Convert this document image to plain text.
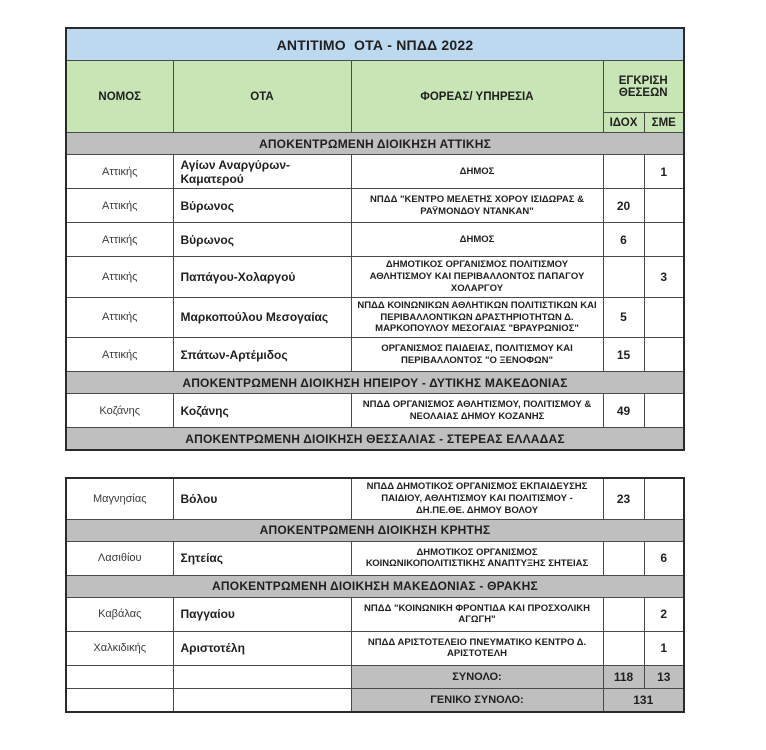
ΑΝΤΙΤΙΜΟ  ΟΤΑ - ΝΠΔΔ 2022				
ΝΟΜΟΣ	ΟΤΑ	ΦΟΡΕΑΣ/ ΥΠΗΡΕΣΙΑ	ΕΓΚΡΙΣΗ ΘΕΣΕΩΝ	
			ΙΔΟΧ	ΣΜΕ
ΑΠΟΚΕΝΤΡΩΜΕΝΗ ΔΙΟΙΚΗΣΗ ΑΤΤΙΚΗΣ				
Αττικής	Αγίων Αναργύρων-Καματερού	ΔΗΜΟΣ		1
Αττικής	Βύρωνος	ΝΠΔΔ "ΚΕΝΤΡΟ ΜΕΛΕΤΗΣ ΧΟΡΟΥ ΙΣΙΔΩΡΑΣ & ΡΑΫΜΟΝΔΟΥ ΝΤΑΝΚΑΝ"	20	
Αττικής	Βύρωνος	ΔΗΜΟΣ	6	
Αττικής	Παπάγου-Χολαργού	ΔΗΜΟΤΙΚΟΣ ΟΡΓΑΝΙΣΜΟΣ ΠΟΛΙΤΙΣΜΟΥ ΑΘΛΗΤΙΣΜΟΥ ΚΑΙ ΠΕΡΙΒΑΛΛΟΝΤΟΣ ΠΑΠΑΓΟΥ ΧΟΛΑΡΓΟΥ		3
Αττικής	Μαρκοπούλου Μεσογαίας	ΝΠΔΔ ΚΟΙΝΩΝΙΚΩΝ ΑΘΛΗΤΙΚΩΝ ΠΟΛΙΤΙΣΤΙΚΩΝ ΚΑΙ ΠΕΡΙΒΑΛΛΟΝΤΙΚΩΝ ΔΡΑΣΤΗΡΙΟΤΗΤΩΝ Δ. ΜΑΡΚΟΠΟΥΛΟΥ ΜΕΣΟΓΑΙΑΣ "ΒΡΑΥΡΩΝΙΟΣ"	5	
Αττικής	Σπάτων-Αρτέμιδος	ΟΡΓΑΝΙΣΜΟΣ ΠΑΙΔΕΙΑΣ, ΠΟΛΙΤΙΣΜΟΥ ΚΑΙ ΠΕΡΙΒΑΛΛΟΝΤΟΣ "Ο ΞΕΝΟΦΩΝ"	15	
ΑΠΟΚΕΝΤΡΩΜΕΝΗ ΔΙΟΙΚΗΣΗ ΗΠΕΙΡΟΥ - ΔΥΤΙΚΗΣ ΜΑΚΕΔΟΝΙΑΣ				
Κοζάνης	Κοζάνης	ΝΠΔΔ ΟΡΓΑΝΙΣΜΟΣ ΑΘΛΗΤΙΣΜΟΥ, ΠΟΛΙΤΙΣΜΟΥ & ΝΕΟΛΑΙΑΣ ΔΗΜΟΥ ΚΟΖΑΝΗΣ	49	
ΑΠΟΚΕΝΤΡΩΜΕΝΗ ΔΙΟΙΚΗΣΗ ΘΕΣΣΑΛΙΑΣ - ΣΤΕΡΕΑΣ ΕΛΛΑΔΑΣ				
Μαγνησίας	Βόλου	ΝΠΔΔ ΔΗΜΟΤΙΚΟΣ ΟΡΓΑΝΙΣΜΟΣ ΕΚΠΑΙΔΕΥΣΗΣ ΠΑΙΔΙΟΥ, ΑΘΛΗΤΙΣΜΟΥ ΚΑΙ ΠΟΛΙΤΙΣΜΟΥ - ΔΗ.ΠΕ.ΘΕ. ΔΗΜΟΥ ΒΟΛΟΥ	23	
ΑΠΟΚΕΝΤΡΩΜΕΝΗ ΔΙΟΙΚΗΣΗ ΚΡΗΤΗΣ				
Λασιθίου	Σητείας	ΔΗΜΟΤΙΚΟΣ ΟΡΓΑΝΙΣΜΟΣ ΚΟΙΝΩΝΙΚΟΠΟΛΙΤΙΣΤΙΚΗΣ ΑΝΑΠΤΥΞΗΣ ΣΗΤΕΙΑΣ		6
ΑΠΟΚΕΝΤΡΩΜΕΝΗ ΔΙΟΙΚΗΣΗ ΜΑΚΕΔΟΝΙΑΣ - ΘΡΑΚΗΣ				
Καβάλας	Παγγαίου	ΝΠΔΔ "ΚΟΙΝΩΝΙΚΗ ΦΡΟΝΤΙΔΑ ΚΑΙ ΠΡΟΣΧΟΛΙΚΗ ΑΓΩΓΗ"		2
Χαλκιδικής	Αριστοτέλη	ΝΠΔΔ ΑΡΙΣΤΟΤΕΛΕΙΟ ΠΝΕΥΜΑΤΙΚΟ ΚΕΝΤΡΟ Δ. ΑΡΙΣΤΟΤΕΛΗ		1
		ΣΥΝΟΛΟ:	118	13
		ΓΕΝΙΚΟ ΣΥΝΟΛΟ:	131	
